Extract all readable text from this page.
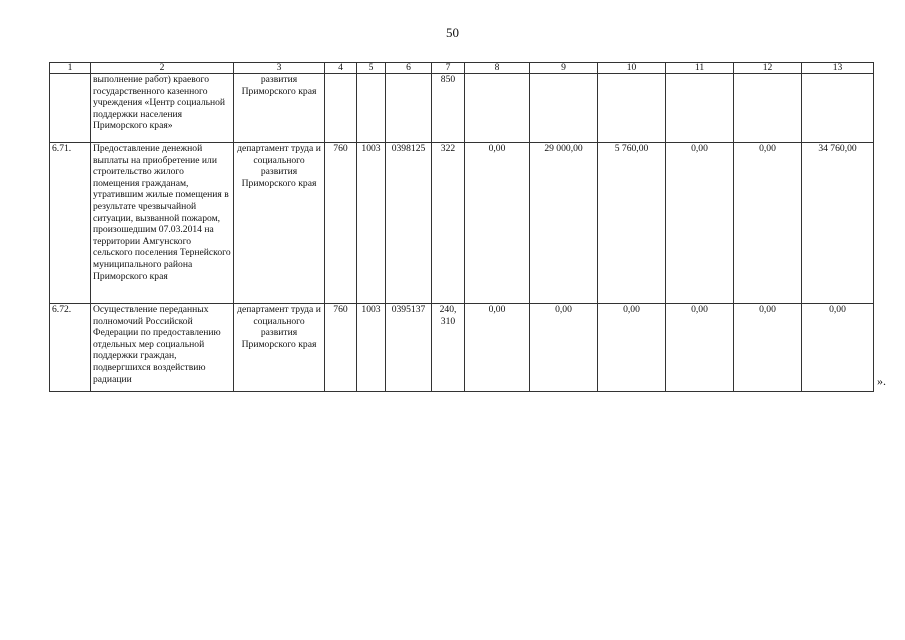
50
1	2	3	4	5	6	7	8	9	10	11	12	13
	выполнение работ) краевого государственного казенного учреждения «Центр социальной поддержки населения Приморского края»	развития Приморского края				850						
6.71.	Предоставление денежной выплаты на приобретение или строительство жилого помещения гражданам, утратившим жилые помещения в результате чрезвычайной ситуации, вызванной пожаром, произошедшим 07.03.2014 на территории Амгунского сельского поселения Тернейского муниципального района Приморского края	департамент труда и социального развития Приморского края	760	1003	0398125	322	0,00	29 000,00	5 760,00	0,00	0,00	34 760,00
6.72.	Осуществление переданных полномочий Российской Федерации по предоставлению отдельных мер социальной поддержки граждан, подвергшихся воздействию радиации	департамент труда и социального развития Приморского края	760	1003	0395137	240, 310	0,00	0,00	0,00	0,00	0,00	0,00
».
